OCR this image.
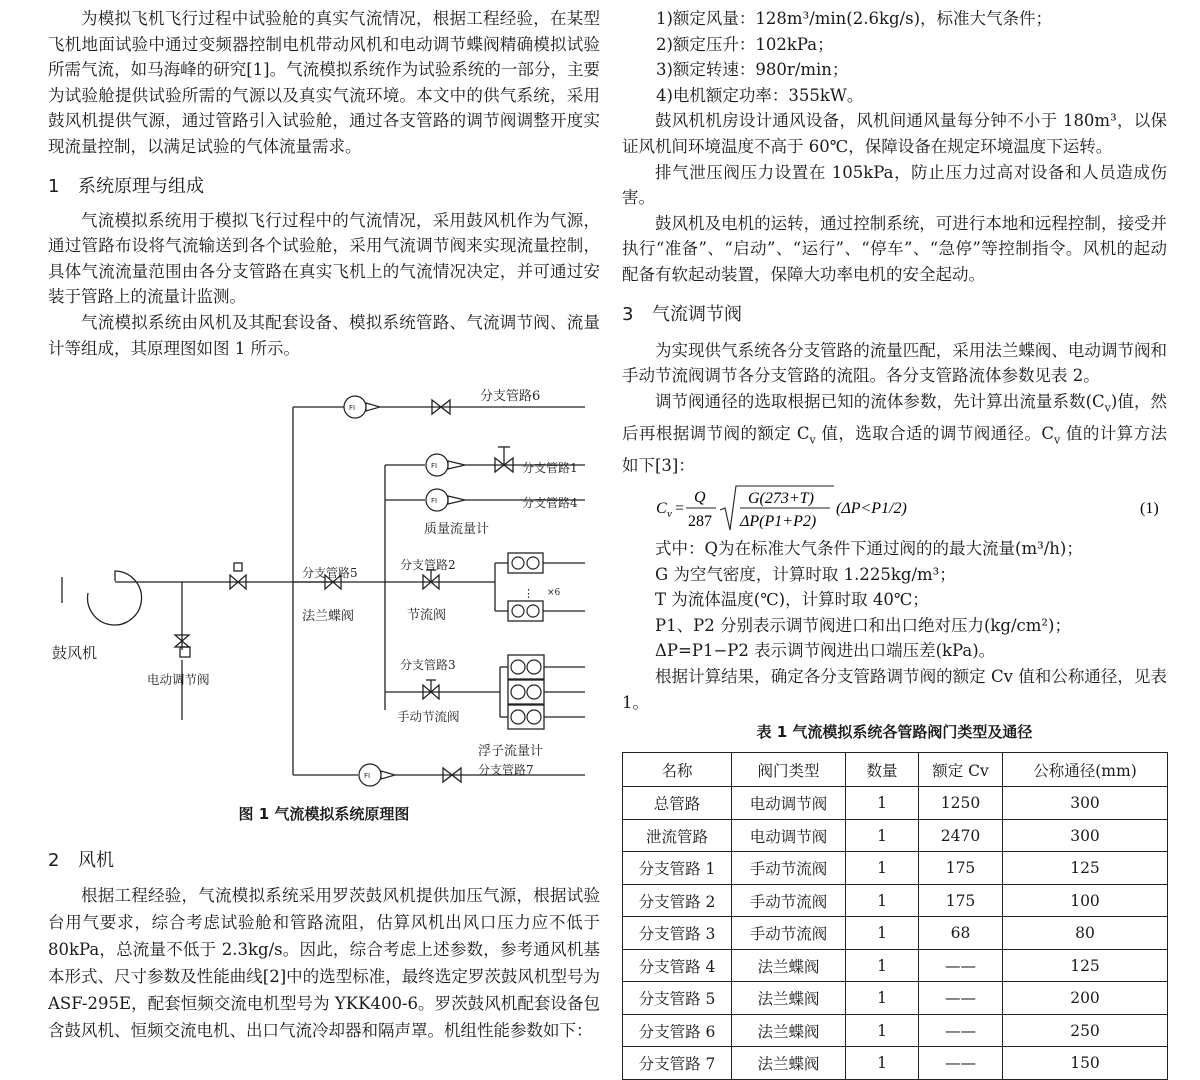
为模拟飞机飞行过程中试验舱的真实气流情况，根据工程经验，在某型飞机地面试验中通过变频器控制电机带动风机和电动调节蝶阀精确模拟试验所需气流，如马海峰的研究[1]。气流模拟系统作为试验系统的一部分，主要为试验舱提供试验所需的气源以及真实气流环境。本文中的供气系统，采用鼓风机提供气源，通过管路引入试验舱，通过各支管路的调节阀调整开度实现流量控制，以满足试验的气体流量需求。

1 系统原理与组成

气流模拟系统用于模拟飞行过程中的气流情况，采用鼓风机作为气源，通过管路布设将气流输送到各个试验舱，采用气流调节阀来实现流量控制，具体气流流量范围由各分支管路在真实飞机上的气流情况决定，并可通过安装于管路上的流量计监测。

气流模拟系统由风机及其配套设备、模拟系统管路、气流调节阀、流量计等组成，其原理图如图 1 所示。

FI
FI
FI
FI
分支管路6
分支管路1
分支管路4
质量流量计
分支管路5
法兰蝶阀
分支管路2
节流阀
⋮ ×6
鼓风机
电动调节阀
分支管路3
手动节流阀
浮子流量计
分支管路7
图 1 气流模拟系统原理图
2 风机

根据工程经验，气流模拟系统采用罗茨鼓风机提供加压气源，根据试验台用气要求，综合考虑试验舱和管路流阻，估算风机出风口压力应不低于 80kPa，总流量不低于 2.3kg/s。因此，综合考虑上述参数，参考通风机基本形式、尺寸参数及性能曲线[2]中的选型标准，最终选定罗茨鼓风机型号为 ASF-295E，配套恒频交流电机型号为 YKK400-6。罗茨鼓风机配套设备包含鼓风机、恒频交流电机、出口气流冷却器和隔声罩。机组性能参数如下：

1)额定风量：128m³/min(2.6kg/s)，标准大气条件；

2)额定压升：102kPa；

3)额定转速：980r/min；

4)电机额定功率：355kW。

鼓风机机房设计通风设备，风机间通风量每分钟不小于 180m³，以保证风机间环境温度不高于 60℃，保障设备在规定环境温度下运转。

排气泄压阀压力设置在 105kPa，防止压力过高对设备和人员造成伤害。

鼓风机及电机的运转，通过控制系统，可进行本地和远程控制，接受并执行“准备”、“启动”、“运行”、“停车”、“急停”等控制指令。风机的起动配备有软起动装置，保障大功率电机的安全起动。

3 气流调节阀

为实现供气系统各分支管路的流量匹配，采用法兰蝶阀、电动调节阀和手动节流阀调节各分支管路的流阻。各分支管路流体参数见表 2。

调节阀通径的选取根据已知的流体参数，先计算出流量系数$(C_v)$值，然后再根据调节阀的额定 $C_v$ 值，选取合适的调节阀通径。$C_v$ 值的计算方法如下[3]：

C v =
Q
287
G(273+T)
ΔP(P1+P2)
(ΔP<P1/2)	(1)

式中：Q为在标准大气条件下通过阀的的最大流量(m³/h)；

G 为空气密度，计算时取 1.225kg/m³；

T 为流体温度(℃)，计算时取 40℃；

P1、P2 分别表示调节阀进口和出口绝对压力(kg/cm²)；

ΔP=P1−P2 表示调节阀进出口端压差(kPa)。

根据计算结果，确定各分支管路调节阀的额定 Cv 值和公称通径，见表 1。

表 1 气流模拟系统各管路阀门类型及通径
名称	阀门类型	数量	额定 Cv	公称通径(mm)
总管路	电动调节阀	1	1250	300
泄流管路	电动调节阀	1	2470	300
分支管路 1	手动节流阀	1	175	125
分支管路 2	手动节流阀	1	175	100
分支管路 3	手动节流阀	1	68	80
分支管路 4	法兰蝶阀	1	——	125
分支管路 5	法兰蝶阀	1	——	200
分支管路 6	法兰蝶阀	1	——	250
分支管路 7	法兰蝶阀	1	——	150
